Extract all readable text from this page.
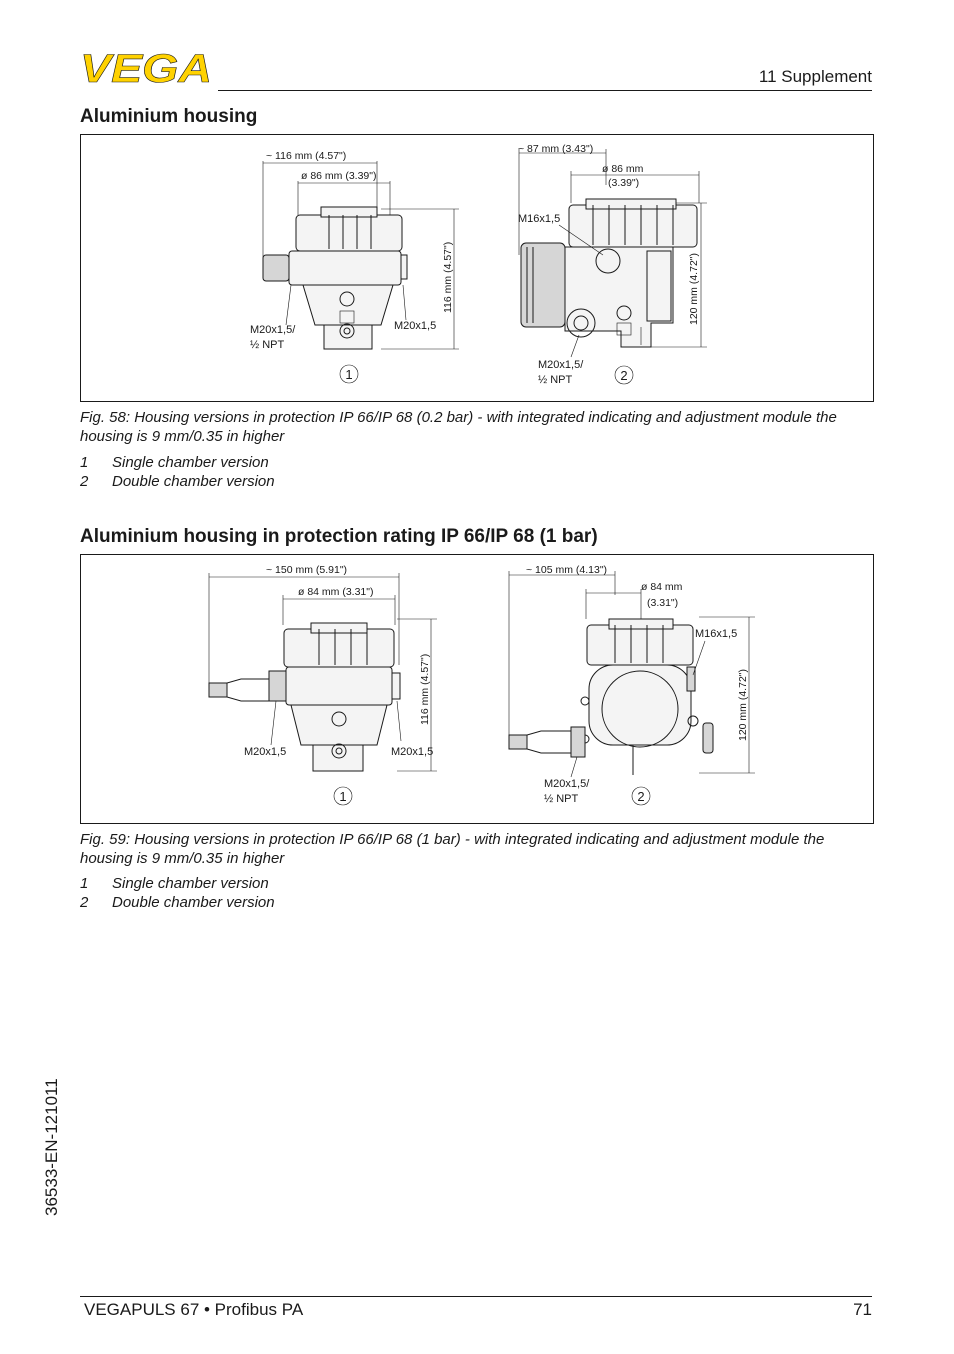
VEGA	11 Supplement
Aluminium housing
~ 116 mm (4.57")
ø 86 mm (3.39")
116 mm (4.57")
M20x1,5/
½ NPT
M20x1,5
1
~ 87 mm (3.43")
ø 86 mm
(3.39")
120 mm (4.72")
M16x1,5
M20x1,5/
½ NPT	2
Fig. 58: Housing versions in protection IP 66/IP 68 (0.2 bar) - with integrated indicating and adjustment module the housing is 9 mm/0.35 in higher
1 Single chamber version
2 Double chamber version
Aluminium housing in protection rating IP 66/IP 68 (1 bar)
~ 150 mm (5.91")
ø 84 mm (3.31")
116 mm (4.57")
M20x1,5	M20x1,5
1
~ 105 mm (4.13")
ø 84 mm
(3.31")
120 mm (4.72")
M16x1,5
M20x1,5/
½ NPT	2
Fig. 59: Housing versions in protection IP 66/IP 68 (1 bar) - with integrated indicating and adjustment module the housing is 9 mm/0.35 in higher
1 Single chamber version
2 Double chamber version
36533-EN-121011
VEGAPULS 67 • Profibus PA	71
